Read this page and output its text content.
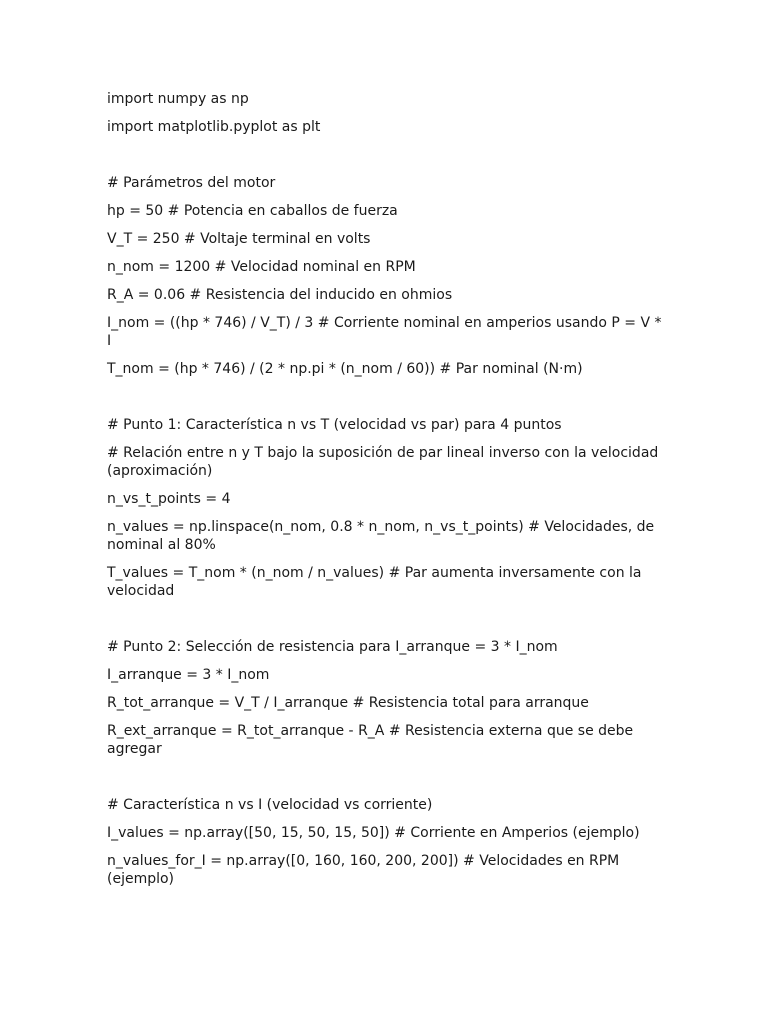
import numpy as np

import matplotlib.pyplot as plt

# Parámetros del motor

hp = 50 # Potencia en caballos de fuerza

V_T = 250 # Voltaje terminal en volts

n_nom = 1200 # Velocidad nominal en RPM

R_A = 0.06 # Resistencia del inducido en ohmios

I_nom = ((hp * 746) / V_T) / 3 # Corriente nominal en amperios usando P = V * I

T_nom = (hp * 746) / (2 * np.pi * (n_nom / 60)) # Par nominal (N·m)

# Punto 1: Característica n vs T (velocidad vs par) para 4 puntos

# Relación entre n y T bajo la suposición de par lineal inverso con la velocidad (aproximación)

n_vs_t_points = 4

n_values = np.linspace(n_nom, 0.8 * n_nom, n_vs_t_points) # Velocidades, de nominal al 80%

T_values = T_nom * (n_nom / n_values) # Par aumenta inversamente con la velocidad

# Punto 2: Selección de resistencia para I_arranque = 3 * I_nom

I_arranque = 3 * I_nom

R_tot_arranque = V_T / I_arranque # Resistencia total para arranque

R_ext_arranque = R_tot_arranque - R_A # Resistencia externa que se debe agregar

# Característica n vs I (velocidad vs corriente)

I_values = np.array([50, 15, 50, 15, 50]) # Corriente en Amperios (ejemplo)

n_values_for_I = np.array([0, 160, 160, 200, 200]) # Velocidades en RPM (ejemplo)
